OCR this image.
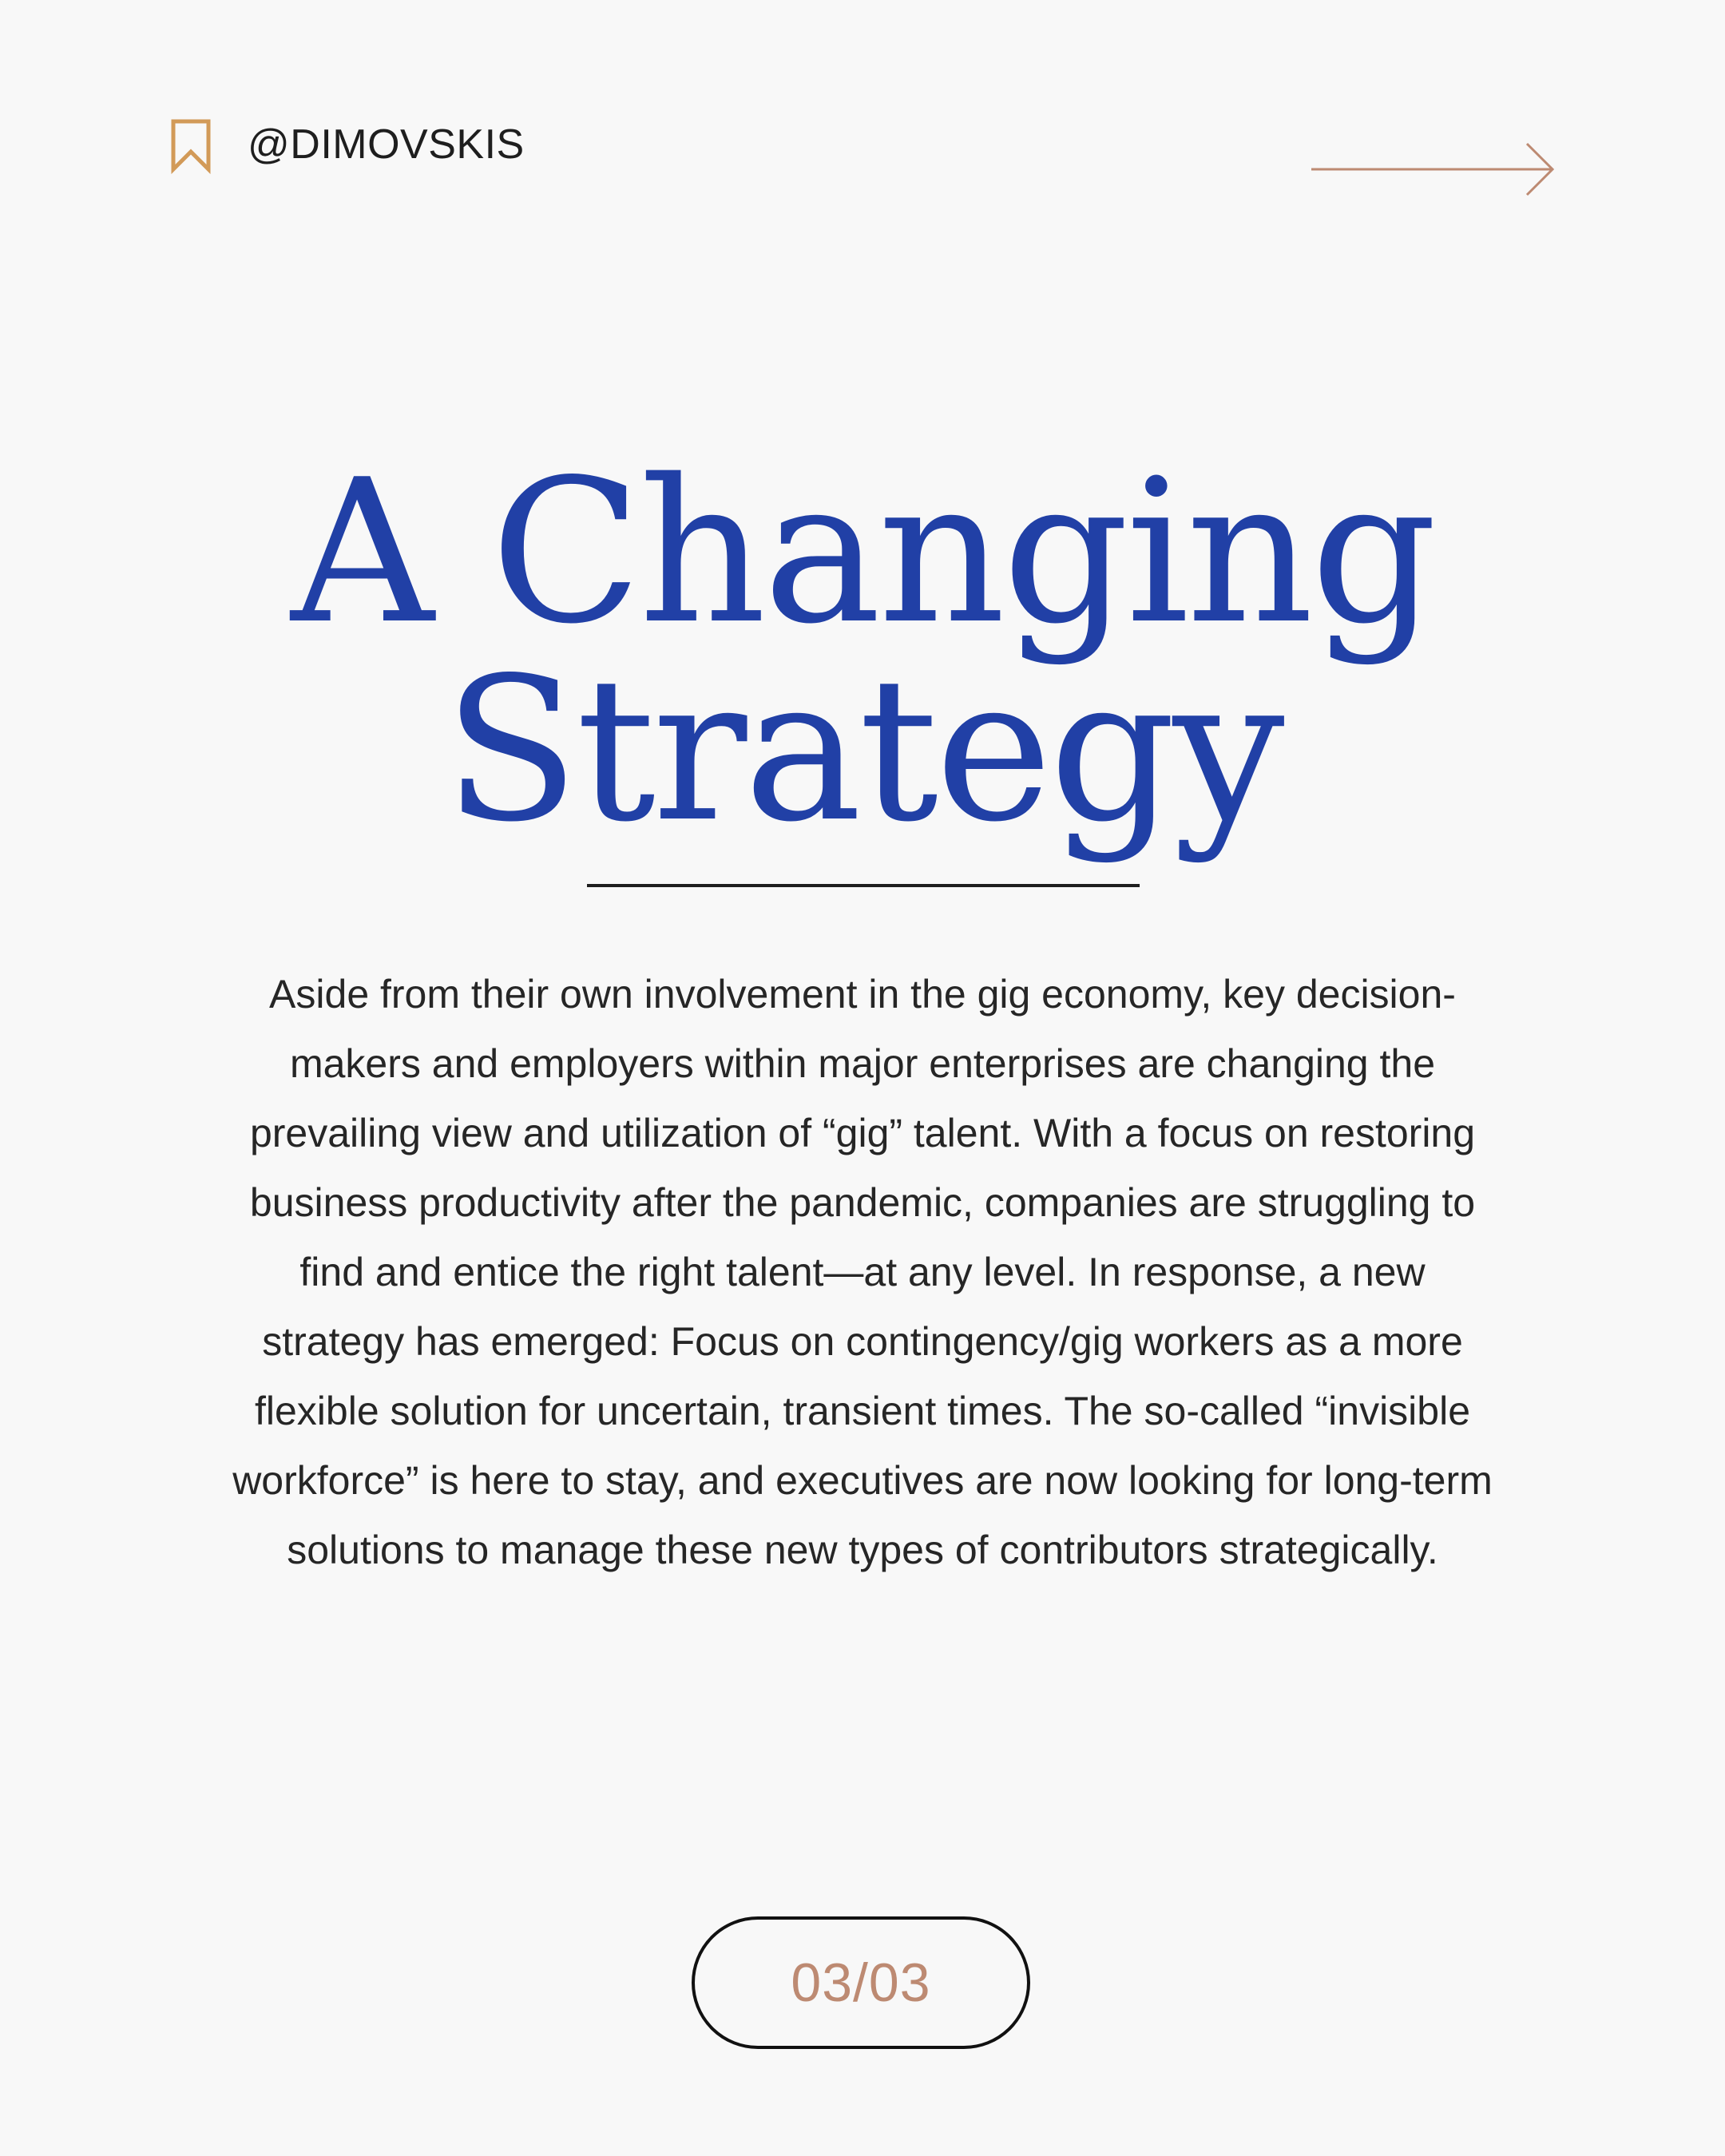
@DIMOVSKIS
A Changing
Strategy
Aside from their own involvement in the gig economy, key decision-makers and employers within major enterprises are changing the prevailing view and utilization of “gig” talent. With a focus on restoring business productivity after the pandemic, companies are struggling to find and entice the right talent—at any level. In response, a new strategy has emerged: Focus on contingency/gig workers as a more flexible solution for uncertain, transient times. The so-called “invisible workforce” is here to stay, and executives are now looking for long-term solutions to manage these new types of contributors strategically.
03/03
